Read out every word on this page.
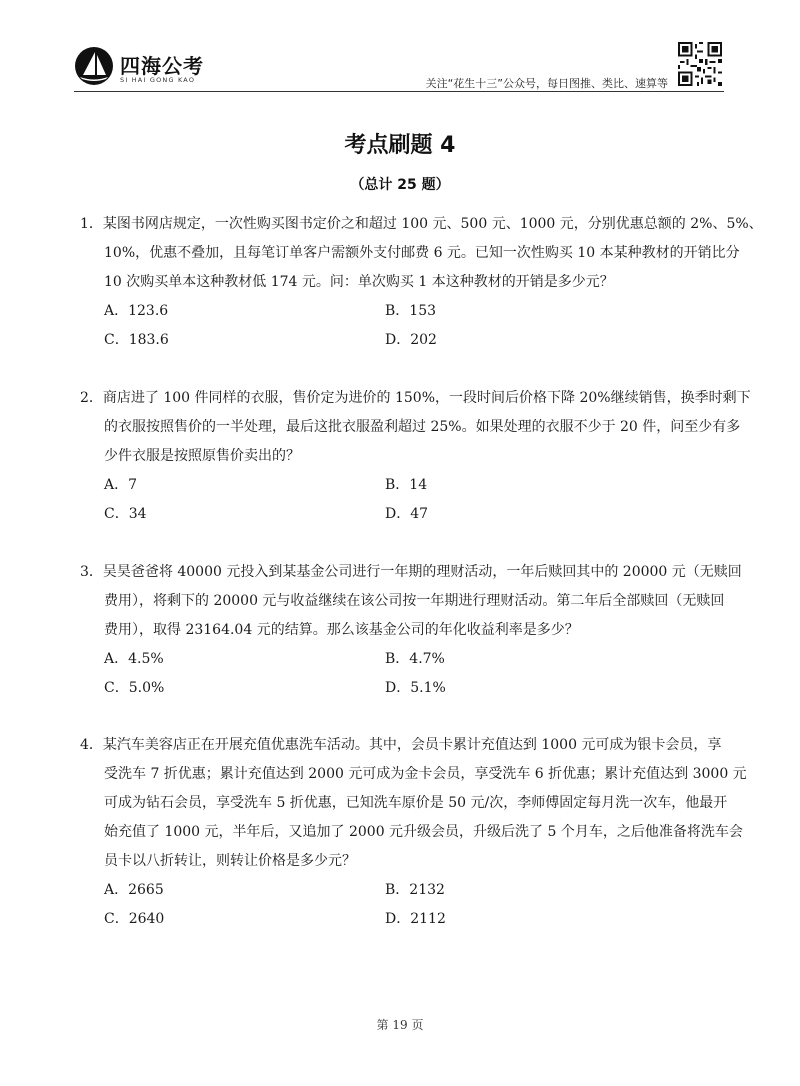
四海公考
SI HAI GONG KAO	关注“花生十三”公众号，每日图推、类比、速算等
考点刷题 4
（总计 25 题）
1．某图书网店规定，一次性购买图书定价之和超过 100 元、500 元、1000 元，分别优惠总额的 2%、5%、
10%，优惠不叠加，且每笔订单客户需额外支付邮费 6 元。已知一次性购买 10 本某种教材的开销比分
10 次购买单本这种教材低 174 元。问：单次购买 1 本这种教材的开销是多少元？
A．123.6	B．153
C．183.6	D．202
2．商店进了 100 件同样的衣服，售价定为进价的 150%，一段时间后价格下降 20%继续销售，换季时剩下
的衣服按照售价的一半处理，最后这批衣服盈利超过 25%。如果处理的衣服不少于 20 件，问至少有多
少件衣服是按照原售价卖出的？
A．7	B．14
C．34	D．47
3．吴昊爸爸将 40000 元投入到某基金公司进行一年期的理财活动，一年后赎回其中的 20000 元（无赎回
费用），将剩下的 20000 元与收益继续在该公司按一年期进行理财活动。第二年后全部赎回（无赎回
费用），取得 23164.04 元的结算。那么该基金公司的年化收益利率是多少？
A．4.5%	B．4.7%
C．5.0%	D．5.1%
4．某汽车美容店正在开展充值优惠洗车活动。其中，会员卡累计充值达到 1000 元可成为银卡会员，享
受洗车 7 折优惠；累计充值达到 2000 元可成为金卡会员，享受洗车 6 折优惠；累计充值达到 3000 元
可成为钻石会员，享受洗车 5 折优惠，已知洗车原价是 50 元/次，李师傅固定每月洗一次车，他最开
始充值了 1000 元，半年后，又追加了 2000 元升级会员，升级后洗了 5 个月车，之后他准备将洗车会
员卡以八折转让，则转让价格是多少元？
A．2665	B．2132
C．2640	D．2112
第 19 页
